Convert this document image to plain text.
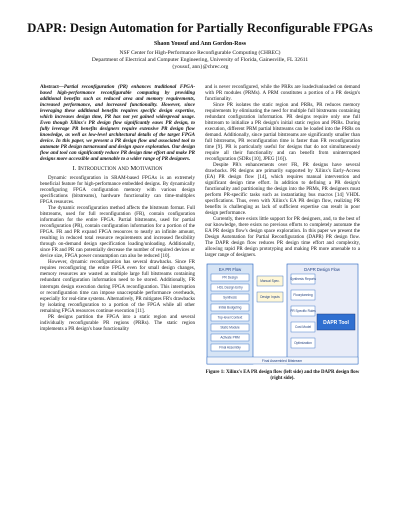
DAPR: Design Automation for Partially Reconfigurable FPGAs
Shaon Yousuf and Ann Gordon-Ross
NSF Center for High-Performance Reconfigurable Computing (CHREC)
Department of Electrical and Computer Engineering, University of Florida, Gainesville, FL 32611
{yousuf, ann}@chrec.org

Abstract—Partial reconfiguration (PR) enhances traditional FPGA-based high-performance reconfigurable computing by providing additional benefits such as reduced area and memory requirements, increased performance, and increased functionality. However, since leveraging these additional benefits requires specific design expertise, which increases design time, PR has not yet gained widespread usage. Even though Xilinx's PR design flow significantly eases PR design, to fully leverage PR benefits designers require extensive PR design flow knowledge, as well as low-level architectural details of the target FPGA device. In this paper, we present a PR design flow and associated tool to automate PR design turnaround and design space exploration. Our design flow and tool can significantly reduce PR design time effort and make PR designs more accessible and amenable to a wider range of PR designers.

I. Introduction and Motivation

Dynamic reconfiguration in SRAM-based FPGAs is an extremely beneficial feature for high-performance embedded designs. By dynamically reconfiguring FPGA configuration memory with various design specifications (bitstreams), hardware functionality can time-multiplex FPGA resources.

The dynamic reconfiguration method affects the bitstream format. Full bitstreams, used for full reconfiguration (FR), contain configuration information for the entire FPGA. Partial bitstreams, used for partial reconfiguration (PR), contain configuration information for a portion of the FPGA. FR and PR expand FPGA resources to nearly an infinite amount, resulting in reduced total resource requirements and increased flexibility through on-demand design specification loading/unloading. Additionally, since FR and PR can potentially decrease the number of required devices or device size, FPGA power consumption can also be reduced [10].

However, dynamic reconfiguration has several drawbacks. Since FR requires reconfiguring the entire FPGA even for small design changes, memory resources are wasted as multiple large full bitstreams containing redundant configuration information need to be stored. Additionally, FR interrupts design execution during FPGA reconfiguration. This interruption or reconfiguration time can impose unacceptable performance overheads, especially for real-time systems. Alternatively, PR mitigates FR's drawbacks by isolating reconfiguration to a portion of the FPGA while all other remaining FPGA resources continue execution [11].

PR designs partition the FPGA into a static region and several individually reconfigurable PR regions (PRRs). The static region implements a PR design's base functionality

and is never reconfigured, while the PRRs are loaded/unloaded on demand with PR modules (PRMs). A PRM constitutes a portion of a PR design's functionality.

Since PR isolates the static region and PRRs, PR reduces memory requirements by eliminating the need for multiple full bitstreams containing redundant configuration information. PR designs require only one full bitstream to initialize a PR design's initial static region and PRRs. During execution, different PRM partial bitstreams can be loaded into the PRRs on demand. Additionally, since partial bitstreams are significantly smaller than full bitstreams, PR reconfiguration time is faster than FR reconfiguration time [9]. PR is particularly useful for designs that do not simultaneously require all their functionality and can benefit from uninterrupted reconfiguration (SDRs [10], JPEG [16]).

Despite PR's enhancements over FR, PR designs have several drawbacks. PR designs are primarily supported by Xilinx's Early-Access (EA) PR design flow [14], which requires manual intervention and significant design time effort. In addition to defining a PR design's functionality and partitioning the design into the PRMs, PR designers must perform PR-specific tasks such as instantiating bus macros [14] VHDL specifications. Thus, even with Xilinx's EA PR design flow, realizing PR benefits is challenging as lack of sufficient expertise can result in poor design performance.

Currently, there exists little support for PR designers, and, to the best of our knowledge, there exists no previous efforts to completely automate the EA PR design flow's design space exploration. In this paper we present the Design Automation for Partial Reconfiguration (DAPR) PR design flow. The DAPR design flow reduces PR design time effort and complexity, allowing rapid PR design prototyping and making PR more amenable to a larger range of designers.

EA PR Flow
PR Design
HDL Design Entry
Synthesis
Initial Budgeting
Top-level Context
Static Module
Activate PRM
Final Assembly
Manual Spec.
Design Inputs
DAPR Design Flow
Synthesis Reports
Floorplanning
PR Specific Rules
Cost Model
Optimization
DAPR Tool
Final Assembled Bitstream
Figure 1: Xilinx's EA PR design flow (left side) and the DAPR design flow (right side).
